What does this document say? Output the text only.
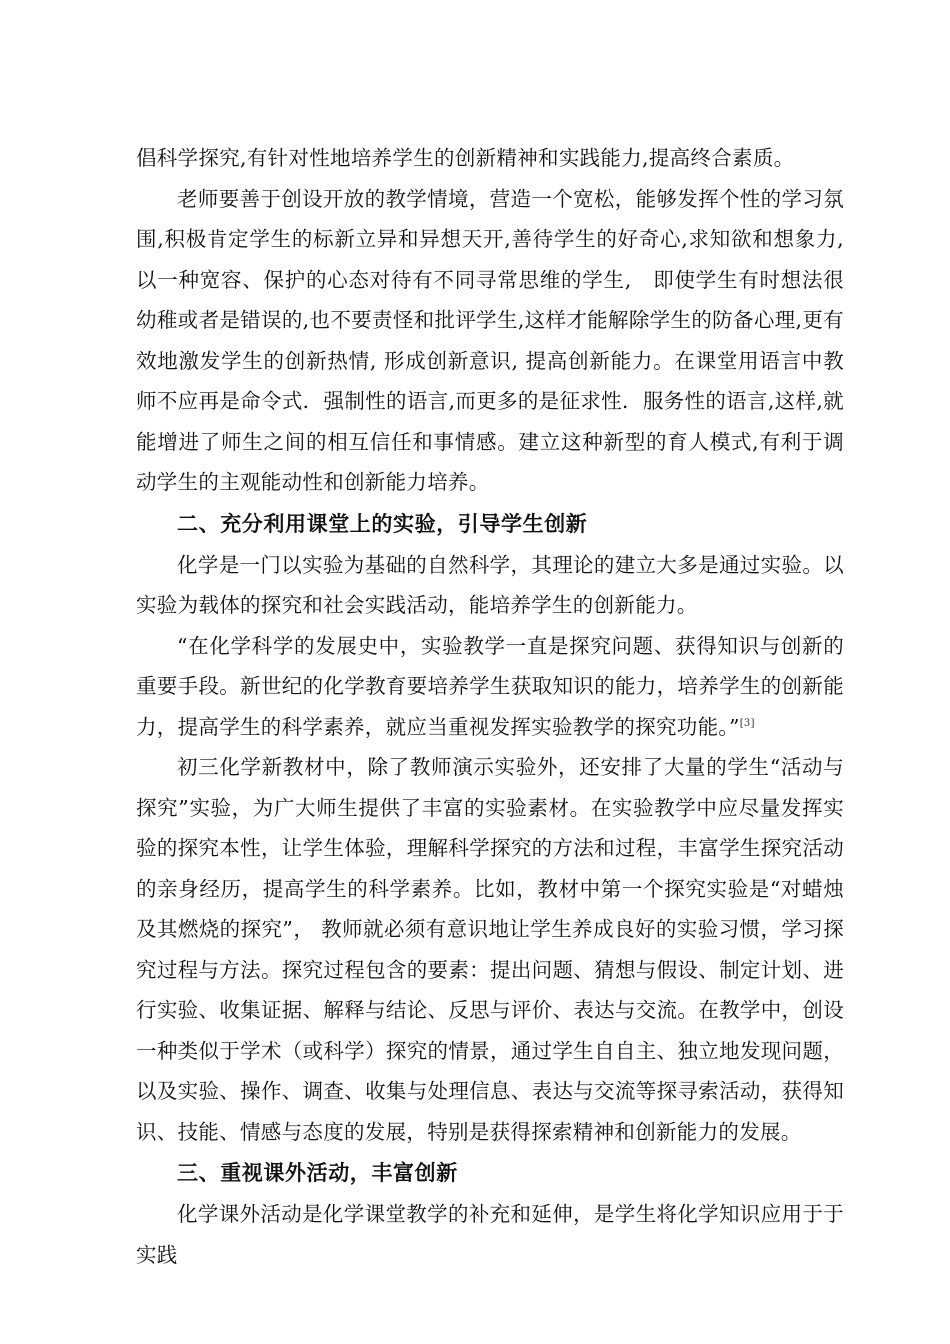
倡科学探究,有针对性地培养学生的创新精神和实践能力,提高终合素质。

老师要善于创设开放的教学情境，营造一个宽松，能够发挥个性的学习氛围,积极肯定学生的标新立异和异想天开,善待学生的好奇心,求知欲和想象力,以一种宽容、保护的心态对待有不同寻常思维的学生,　即使学生有时想法很幼稚或者是错误的,也不要责怪和批评学生,这样才能解除学生的防备心理,更有效地激发学生的创新热情, 形成创新意识, 提高创新能力。在课堂用语言中教师不应再是命令式．强制性的语言,而更多的是征求性．服务性的语言,这样,就能增进了师生之间的相互信任和事情感。建立这种新型的育人模式,有利于调动学生的主观能动性和创新能力培养。

二、充分利用课堂上的实验，引导学生创新

化学是一门以实验为基础的自然科学，其理论的建立大多是通过实验。以实验为载体的探究和社会实践活动，能培养学生的创新能力。

“在化学科学的发展史中，实验教学一直是探究问题、获得知识与创新的重要手段。新世纪的化学教育要培养学生获取知识的能力，培养学生的创新能力，提高学生的科学素养，就应当重视发挥实验教学的探究功能。”[3]

初三化学新教材中，除了教师演示实验外，还安排了大量的学生“活动与探究”实验，为广大师生提供了丰富的实验素材。在实验教学中应尽量发挥实验的探究本性，让学生体验，理解科学探究的方法和过程，丰富学生探究活动的亲身经历，提高学生的科学素养。比如，教材中第一个探究实验是“对蜡烛及其燃烧的探究”， 教师就必须有意识地让学生养成良好的实验习惯，学习探究过程与方法。探究过程包含的要素：提出问题、猜想与假设、制定计划、进行实验、收集证据、解释与结论、反思与评价、表达与交流。在教学中，创设一种类似于学术（或科学）探究的情景，通过学生自自主、独立地发现问题，以及实验、操作、调查、收集与处理信息、表达与交流等探寻索活动，获得知识、技能、情感与态度的发展，特别是获得探索精神和创新能力的发展。

三、重视课外活动，丰富创新

化学课外活动是化学课堂教学的补充和延伸，是学生将化学知识应用于于实践
